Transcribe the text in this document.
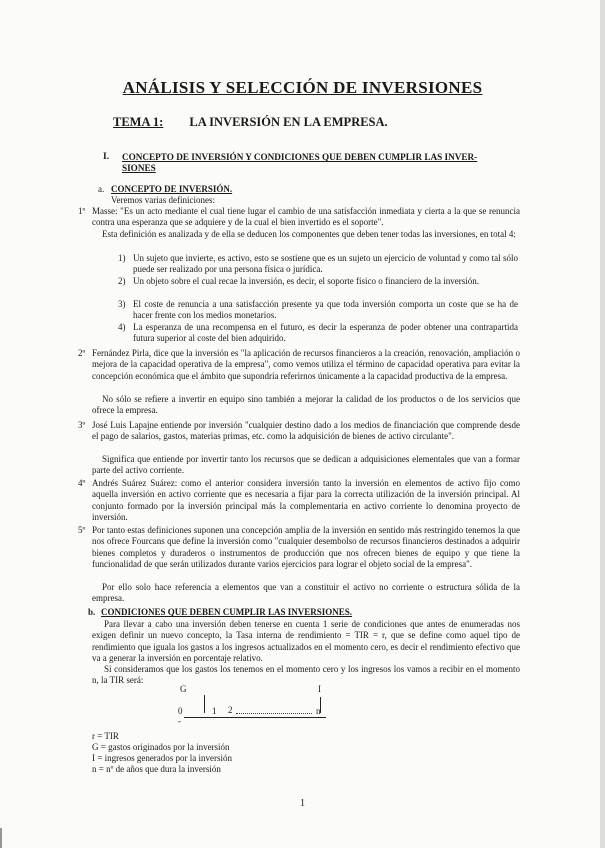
ANÁLISIS Y SELECCIÓN DE INVERSIONES
TEMA 1: LA INVERSIÓN EN LA EMPRESA.
I. CONCEPTO DE INVERSIÓN Y CONDICIONES QUE DEBEN CUMPLIR LAS INVER-
SIONES
a. CONCEPTO DE INVERSIÓN.
Veremos varias definiciones:
1º Masse: "Es un acto mediante el cual tiene lugar el cambio de una satisfacción inmediata y cierta a la que se renuncia contra una esperanza que se adquiere y de la cual el bien invertido es el soporte".
Esta definición es analizada y de ella se deducen los componentes que deben tener todas las inversiones, en total 4:
1) Un sujeto que invierte, es activo, esto se sostiene que es un sujeto un ejercicio de voluntad y como tal sólo puede ser realizado por una persona física o jurídica.
2) Un objeto sobre el cual recae la inversión, es decir, el soporte físico o financiero de la inversión.
3) El coste de renuncia a una satisfacción presente ya que toda inversión comporta un coste que se ha de hacer frente con los medios monetarios.
4) La esperanza de una recompensa en el futuro, es decir la esperanza de poder obtener una contrapartida futura superior al coste del bien adquirido.
2º Fernández Pirla, dice que la inversión es "la aplicación de recursos financieros a la creación, renovación, ampliación o mejora de la capacidad operativa de la empresa", como vemos utiliza el término de capacidad operativa para evitar la concepción económica que el ámbito que supondría referirnos únicamente a la capacidad productiva de la empresa.
No sólo se refiere a invertir en equipo sino también a mejorar la calidad de los productos o de los servicios que ofrece la empresa.
3º José Luis Lapajne entiende por inversión "cualquier destino dado a los medios de financiación que comprende desde el pago de salarios, gastos, materias primas, etc. como la adquisición de bienes de activo circulante".
Significa que entiende por invertir tanto los recursos que se dedican a adquisiciones elementales que van a formar parte del activo corriente.
4º Andrés Suárez Suárez: como el anterior considera inversión tanto la inversión en elementos de activo fijo como aquella inversión en activo corriente que es necesaria a fijar para la correcta utilización de la inversión principal. Al conjunto formado por la inversión principal más la complementaria en activo corriente lo denomina proyecto de inversión.
5º Por tanto estas definiciones suponen una concepción amplia de la inversión en sentido más restringido tenemos la que nos ofrece Fourcans que define la inversión como "cualquier desembolso de recursos financieros destinados a adquirir bienes completos y duraderos o instrumentos de producción que nos ofrecen bienes de equipo y que tiene la funcionalidad de que serán utilizados durante varios ejercicios para lograr el objeto social de la empresa".
Por ello solo hace referencia a elementos que van a constituir el activo no corriente o estructura sólida de la empresa.
b. CONDICIONES QUE DEBEN CUMPLIR LAS INVERSIONES.
Para llevar a cabo una inversión deben tenerse en cuenta 1 serie de condiciones que antes de enumeradas nos exigen definir un nuevo concepto, la Tasa interna de rendimiento = TIR = r, que se define como aquel tipo de rendimiento que iguala los gastos a los ingresos actualizados en el momento cero, es decir el rendimiento efectivo que va a generar la inversión en porcentaje relativo.
Si consideramos que los gastos los tenemos en el momento cero y los ingresos los vamos a recibir en el momento n, la TIR será:
G	I
0	1 2	n
-
r = TIR
G = gastos originados por la inversión
I = ingresos generados por la inversión
n = nº de años que dura la inversión
1
